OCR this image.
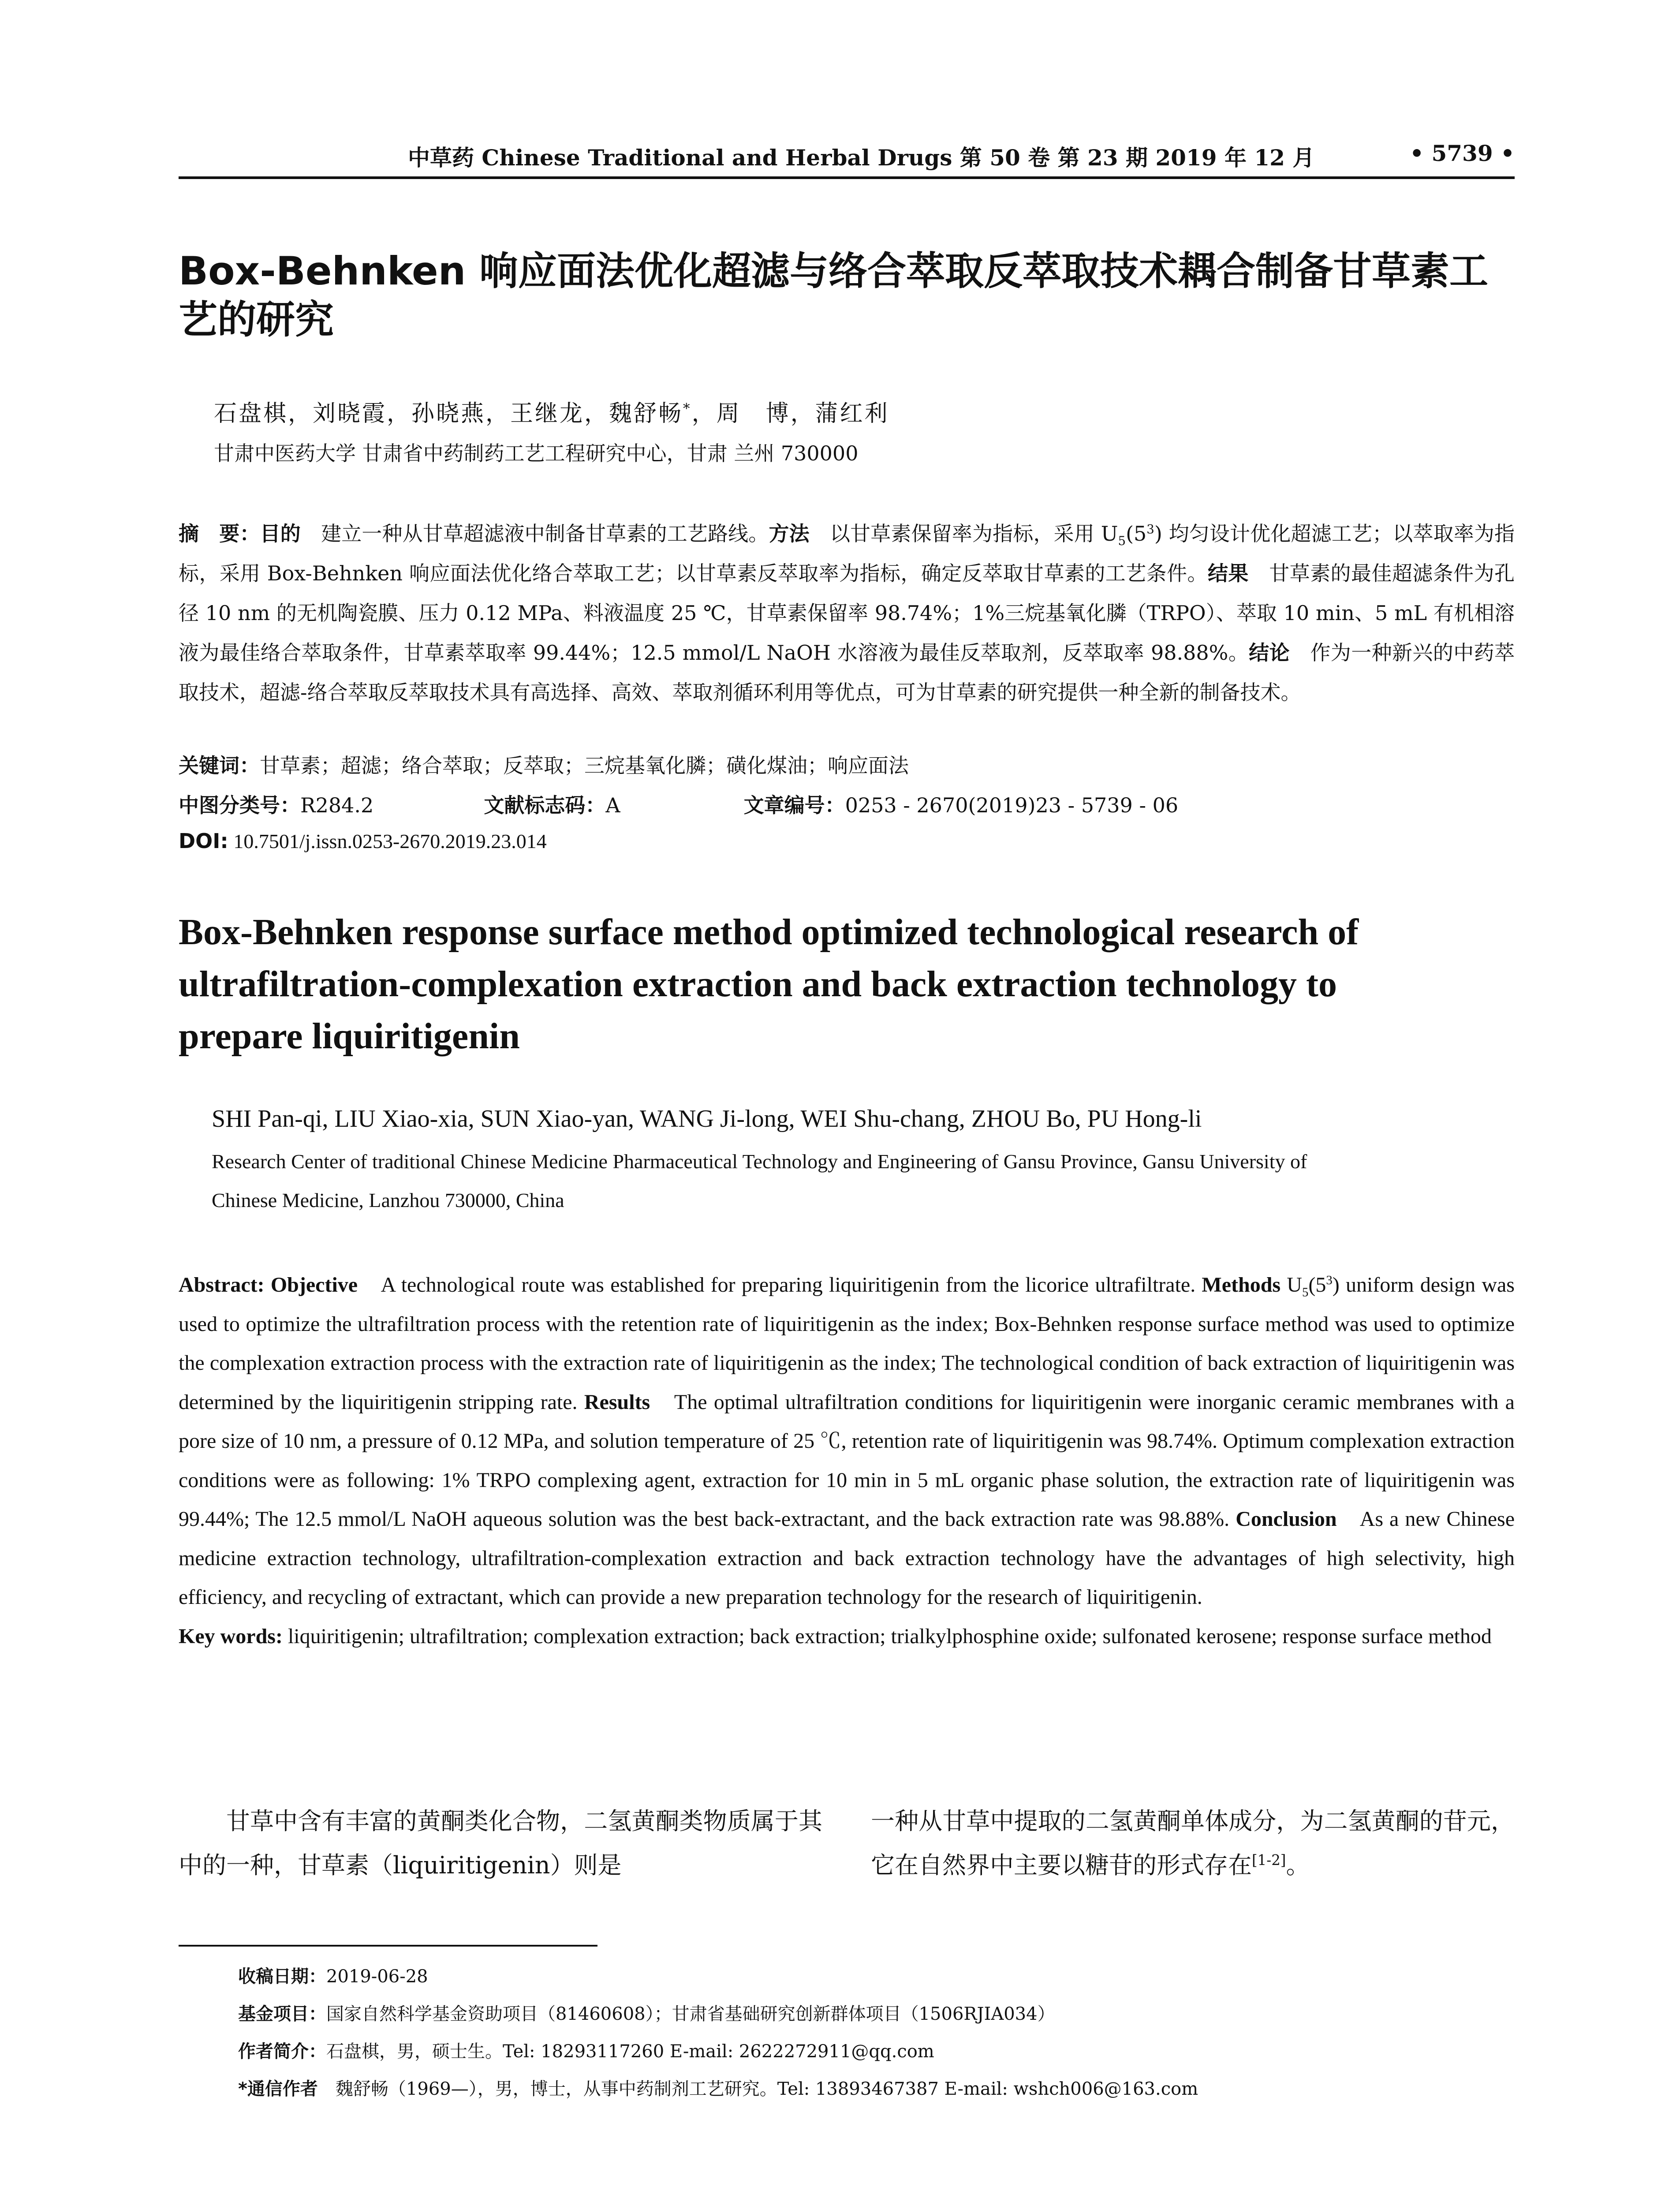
中草药 Chinese Traditional and Herbal Drugs 第 50 卷 第 23 期 2019 年 12 月	• 5739 •
Box-Behnken 响应面法优化超滤与络合萃取反萃取技术耦合制备甘草素工
艺的研究
石盘棋，刘晓霞，孙晓燕，王继龙，魏舒畅*，周　博，蒲红利
甘肃中医药大学 甘肃省中药制药工艺工程研究中心，甘肃 兰州 730000
摘　要：目的　建立一种从甘草超滤液中制备甘草素的工艺路线。方法　以甘草素保留率为指标，采用 $U_5(5^3)$ 均匀设计优化超滤工艺；以萃取率为指标，采用 Box-Behnken 响应面法优化络合萃取工艺；以甘草素反萃取率为指标，确定反萃取甘草素的工艺条件。结果　甘草素的最佳超滤条件为孔径 10 nm 的无机陶瓷膜、压力 0.12 MPa、料液温度 25 ℃，甘草素保留率 98.74%；1%三烷基氧化膦（TRPO）、萃取 10 min、5 mL 有机相溶液为最佳络合萃取条件，甘草素萃取率 99.44%；12.5 mmol/L NaOH 水溶液为最佳反萃取剂，反萃取率 98.88%。结论　作为一种新兴的中药萃取技术，超滤-络合萃取反萃取技术具有高选择、高效、萃取剂循环利用等优点，可为甘草素的研究提供一种全新的制备技术。
关键词：甘草素；超滤；络合萃取；反萃取；三烷基氧化膦；磺化煤油；响应面法
中图分类号：R284.2	文献标志码：A	文章编号：0253 - 2670(2019)23 - 5739 - 06
DOI: 10.7501/j.issn.0253-2670.2019.23.014
Box-Behnken response surface method optimized technological research of
ultrafiltration-complexation extraction and back extraction technology to
prepare liquiritigenin
SHI Pan-qi, LIU Xiao-xia, SUN Xiao-yan, WANG Ji-long, WEI Shu-chang, ZHOU Bo, PU Hong-li
Research Center of traditional Chinese Medicine Pharmaceutical Technology and Engineering of Gansu Province, Gansu University of
Chinese Medicine, Lanzhou 730000, China
Abstract: Objective　A technological route was established for preparing liquiritigenin from the licorice ultrafiltrate. Methods $U_5(5^3)$ uniform design was used to optimize the ultrafiltration process with the retention rate of liquiritigenin as the index; Box-Behnken response surface method was used to optimize the complexation extraction process with the extraction rate of liquiritigenin as the index; The technological condition of back extraction of liquiritigenin was determined by the liquiritigenin stripping rate. Results　The optimal ultrafiltration conditions for liquiritigenin were inorganic ceramic membranes with a pore size of 10 nm, a pressure of 0.12 MPa, and solution temperature of 25 ℃, retention rate of liquiritigenin was 98.74%. Optimum complexation extraction conditions were as following: 1% TRPO complexing agent, extraction for 10 min in 5 mL organic phase solution, the extraction rate of liquiritigenin was 99.44%; The 12.5 mmol/L NaOH aqueous solution was the best back-extractant, and the back extraction rate was 98.88%. Conclusion　As a new Chinese medicine extraction technology, ultrafiltration-complexation extraction and back extraction technology have the advantages of high selectivity, high efficiency, and recycling of extractant, which can provide a new preparation technology for the research of liquiritigenin.
Key words: liquiritigenin; ultrafiltration; complexation extraction; back extraction; trialkylphosphine oxide; sulfonated kerosene; response surface method
甘草中含有丰富的黄酮类化合物，二氢黄酮类物质属于其中的一种，甘草素（liquiritigenin）则是
一种从甘草中提取的二氢黄酮单体成分，为二氢黄酮的苷元，它在自然界中主要以糖苷的形式存在[1-2]。
收稿日期：2019-06-28
基金项目：国家自然科学基金资助项目（81460608）；甘肃省基础研究创新群体项目（1506RJIA034）
作者简介：石盘棋，男，硕士生。Tel: 18293117260 E-mail: 2622272911@qq.com
*通信作者　魏舒畅（1969—），男，博士，从事中药制剂工艺研究。Tel: 13893467387 E-mail: wshch006@163.com
